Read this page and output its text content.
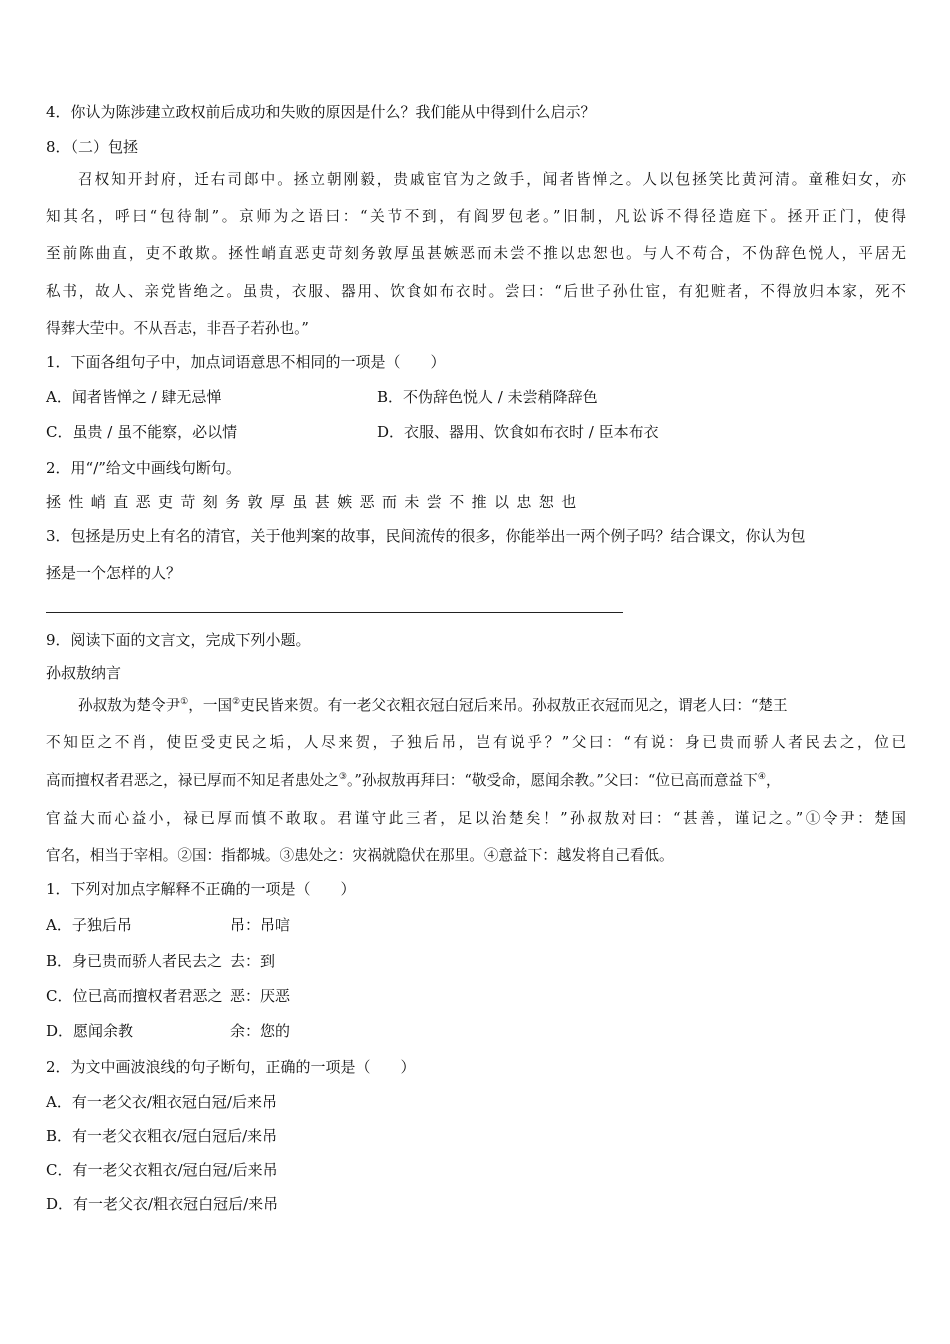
4．你认为陈涉建立政权前后成功和失败的原因是什么？我们能从中得到什么启示？
8．（二）包拯
召权知开封府，迁右司郎中。拯立朝刚毅，贵戚宦官为之敛手，闻者皆惮之。人以包拯笑比黄河清。童稚妇女，亦
知其名，呼曰“包待制”。京师为之语曰：“关节不到，有阎罗包老。”旧制，凡讼诉不得径造庭下。拯开正门，使得
至前陈曲直，吏不敢欺。拯性峭直恶吏苛刻务敦厚虽甚嫉恶而未尝不推以忠恕也。与人不苟合，不伪辞色悦人，平居无
私书，故人、亲党皆绝之。虽贵，衣服、器用、饮食如布衣时。尝曰：“后世子孙仕宦，有犯赃者，不得放归本家，死不
得葬大茔中。不从吾志，非吾子若孙也。”
1．下面各组句子中，加点词语意思不相同的一项是（　　）
A．闻者皆惮之 / 肆无忌惮	B．不伪辞色悦人 / 未尝稍降辞色
C．虽贵 / 虽不能察，必以情	D．衣服、器用、饮食如布衣时 / 臣本布衣
2．用“/”给文中画线句断句。
拯性峭直恶吏苛刻务敦厚虽甚嫉恶而未尝不推以忠恕也
3．包拯是历史上有名的清官，关于他判案的故事，民间流传的很多，你能举出一两个例子吗？结合课文，你认为包
拯是一个怎样的人？
9．阅读下面的文言文，完成下列小题。
孙叔敖纳言
孙叔敖为楚令尹①，一国②吏民皆来贺。有一老父衣粗衣冠白冠后来吊。孙叔敖正衣冠而见之，谓老人曰：“楚王
不知臣之不肖，使臣受吏民之垢，人尽来贺，子独后吊，岂有说乎？”父曰：“有说：身已贵而骄人者民去之，位已
高而擅权者君恶之，禄已厚而不知足者患处之③。”孙叔敖再拜曰：“敬受命，愿闻余教。”父曰：“位已高而意益下④，
官益大而心益小，禄已厚而慎不敢取。君谨守此三者，足以治楚矣！”孙叔敖对曰：“甚善，谨记之。”①令尹：楚国
官名，相当于宰相。②国：指都城。③患处之：灾祸就隐伏在那里。④意益下：越发将自己看低。
1．下列对加点字解释不正确的一项是（　　）
A．子独后吊	吊：吊唁
B．身已贵而骄人者民去之 去：到
C．位已高而擅权者君恶之 恶：厌恶
D．愿闻余教	余：您的
2．为文中画波浪线的句子断句，正确的一项是（　　）
A．有一老父衣/粗衣冠白冠/后来吊
B．有一老父衣粗衣/冠白冠后/来吊
C．有一老父衣粗衣/冠白冠/后来吊
D．有一老父衣/粗衣冠白冠后/来吊
